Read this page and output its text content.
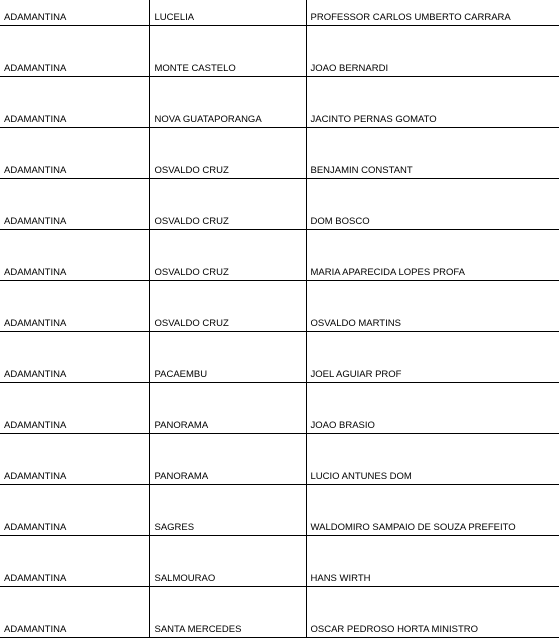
ADAMANTINA	LUCELIA	PROFESSOR CARLOS UMBERTO CARRARA
ADAMANTINA	MONTE CASTELO	JOAO BERNARDI
ADAMANTINA	NOVA GUATAPORANGA	JACINTO PERNAS GOMATO
ADAMANTINA	OSVALDO CRUZ	BENJAMIN CONSTANT
ADAMANTINA	OSVALDO CRUZ	DOM BOSCO
ADAMANTINA	OSVALDO CRUZ	MARIA APARECIDA LOPES PROFA
ADAMANTINA	OSVALDO CRUZ	OSVALDO MARTINS
ADAMANTINA	PACAEMBU	JOEL AGUIAR PROF
ADAMANTINA	PANORAMA	JOAO BRASIO
ADAMANTINA	PANORAMA	LUCIO ANTUNES DOM
ADAMANTINA	SAGRES	WALDOMIRO SAMPAIO DE SOUZA PREFEITO
ADAMANTINA	SALMOURAO	HANS WIRTH
ADAMANTINA	SANTA MERCEDES	OSCAR PEDROSO HORTA MINISTRO
